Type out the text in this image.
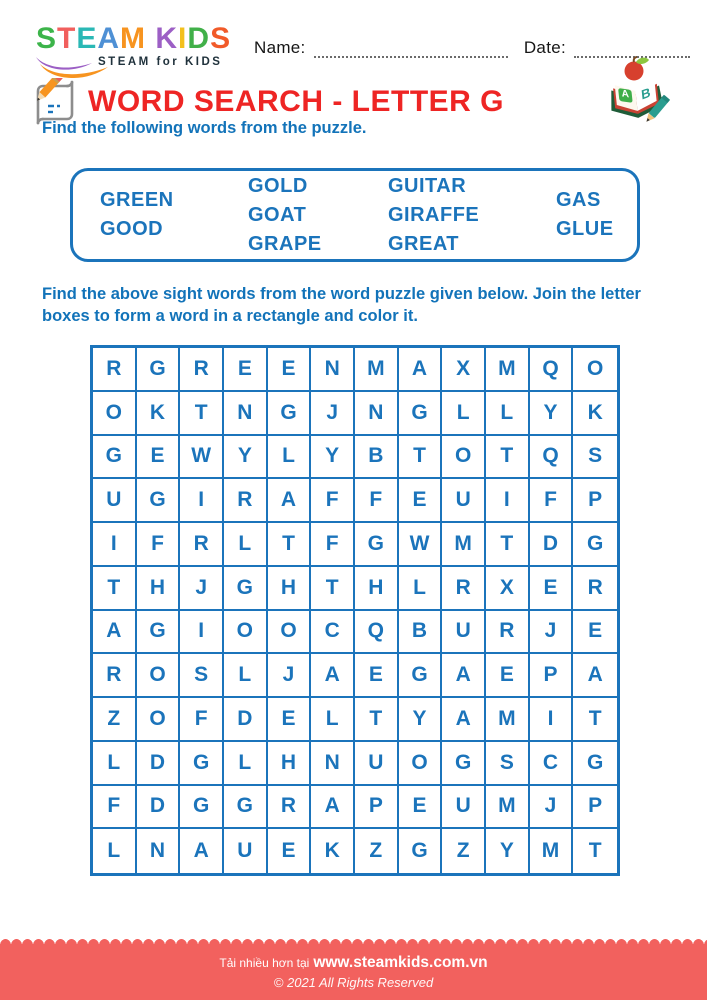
STEAM KIDS
STEAM for KIDS
Name:	Date:
A B
WORD SEARCH - LETTER G
Find the following words from the puzzle.
GREEN
GOOD
GOLD
GOAT
GRAPE
GUITAR
GIRAFFE
GREAT
GAS
GLUE
Find the above sight words from the word puzzle given below. Join the letter boxes to form a word in a rectangle and color it.
R	G	R	E	E	N	M	A	X	M	Q	O
O	K	T	N	G	J	N	G	L	L	Y	K
G	E	W	Y	L	Y	B	T	O	T	Q	S
U	G	I	R	A	F	F	E	U	I	F	P
I	F	R	L	T	F	G	W	M	T	D	G
T	H	J	G	H	T	H	L	R	X	E	R
A	G	I	O	O	C	Q	B	U	R	J	E
R	O	S	L	J	A	E	G	A	E	P	A
Z	O	F	D	E	L	T	Y	A	M	I	T
L	D	G	L	H	N	U	O	G	S	C	G
F	D	G	G	R	A	P	E	U	M	J	P
L	N	A	U	E	K	Z	G	Z	Y	M	T
Tải nhiều hơn tại www.steamkids.com.vn
© 2021 All Rights Reserved
